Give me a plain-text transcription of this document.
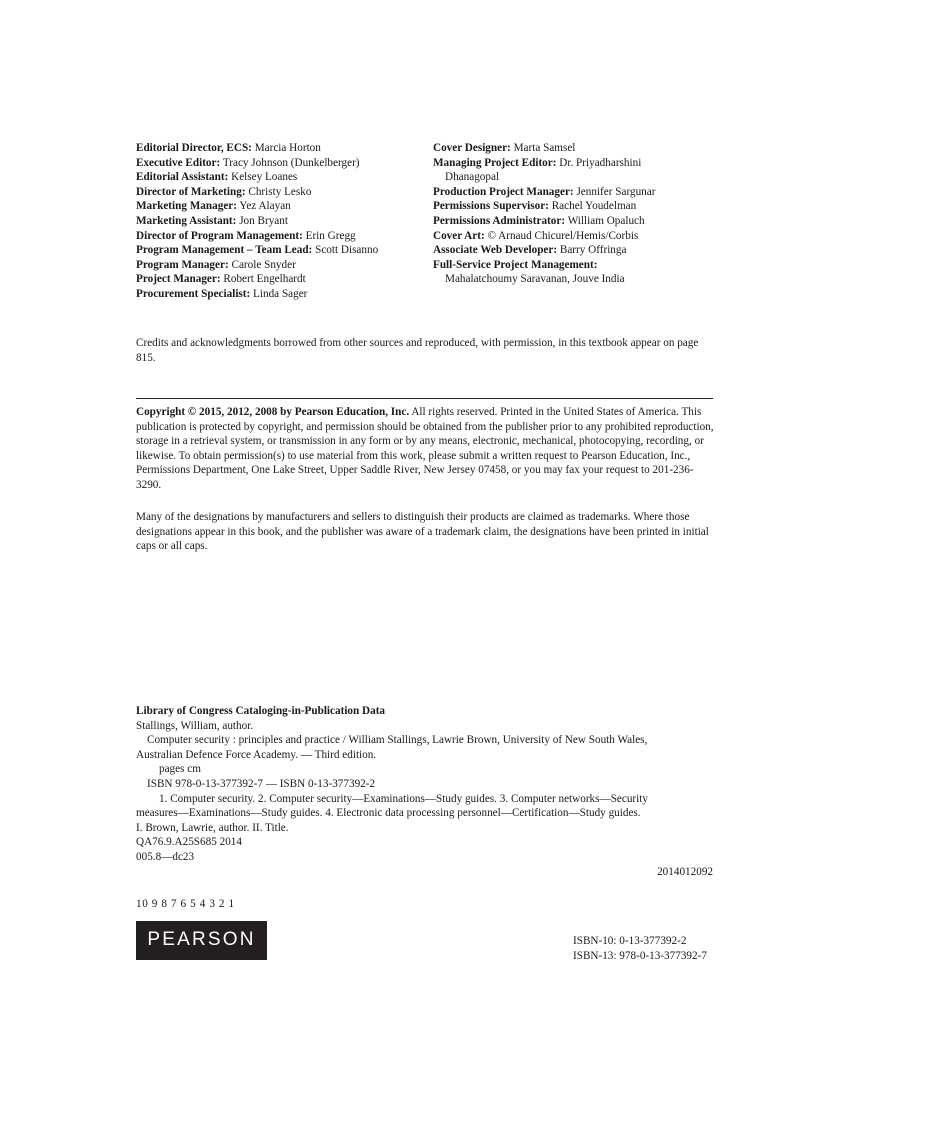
Editorial Director, ECS: Marcia Horton
Executive Editor: Tracy Johnson (Dunkelberger)
Editorial Assistant: Kelsey Loanes
Director of Marketing: Christy Lesko
Marketing Manager: Yez Alayan
Marketing Assistant: Jon Bryant
Director of Program Management: Erin Gregg
Program Management – Team Lead: Scott Disanno
Program Manager: Carole Snyder
Project Manager: Robert Engelhardt
Procurement Specialist: Linda Sager
Cover Designer: Marta Samsel
Managing Project Editor: Dr. Priyadharshini
Dhanagopal
Production Project Manager: Jennifer Sargunar
Permissions Supervisor: Rachel Youdelman
Permissions Administrator: William Opaluch
Cover Art: © Arnaud Chicurel/Hemis/Corbis
Associate Web Developer: Barry Offringa
Full-Service Project Management:
Mahalatchoumy Saravanan, Jouve India
Credits and acknowledgments borrowed from other sources and reproduced, with permission, in this textbook appear on page 815.
Copyright © 2015, 2012, 2008 by Pearson Education, Inc. All rights reserved. Printed in the United States of America. This publication is protected by copyright, and permission should be obtained from the publisher prior to any prohibited reproduction, storage in a retrieval system, or transmission in any form or by any means, electronic, mechanical, photocopying, recording, or likewise. To obtain permission(s) to use material from this work, please submit a written request to Pearson Education, Inc., Permissions Department, One Lake Street, Upper Saddle River, New Jersey 07458, or you may fax your request to 201-236-3290.
Many of the designations by manufacturers and sellers to distinguish their products are claimed as trademarks. Where those designations appear in this book, and the publisher was aware of a trademark claim, the designations have been printed in initial caps or all caps.
Library of Congress Cataloging-in-Publication Data
Stallings, William, author.
Computer security : principles and practice / William Stallings, Lawrie Brown, University of New South Wales,
Australian Defence Force Academy. — Third edition.
pages cm
ISBN 978-0-13-377392-7 — ISBN 0-13-377392-2
1. Computer security. 2. Computer security—Examinations—Study guides. 3. Computer networks—Security
measures—Examinations—Study guides. 4. Electronic data processing personnel—Certification—Study guides.
I. Brown, Lawrie, author. II. Title.
QA76.9.A25S685 2014
005.8—dc23
2014012092
10 9 8 7 6 5 4 3 2 1
PEARSON	ISBN-10: 0-13-377392-2
ISBN-13: 978-0-13-377392-7
